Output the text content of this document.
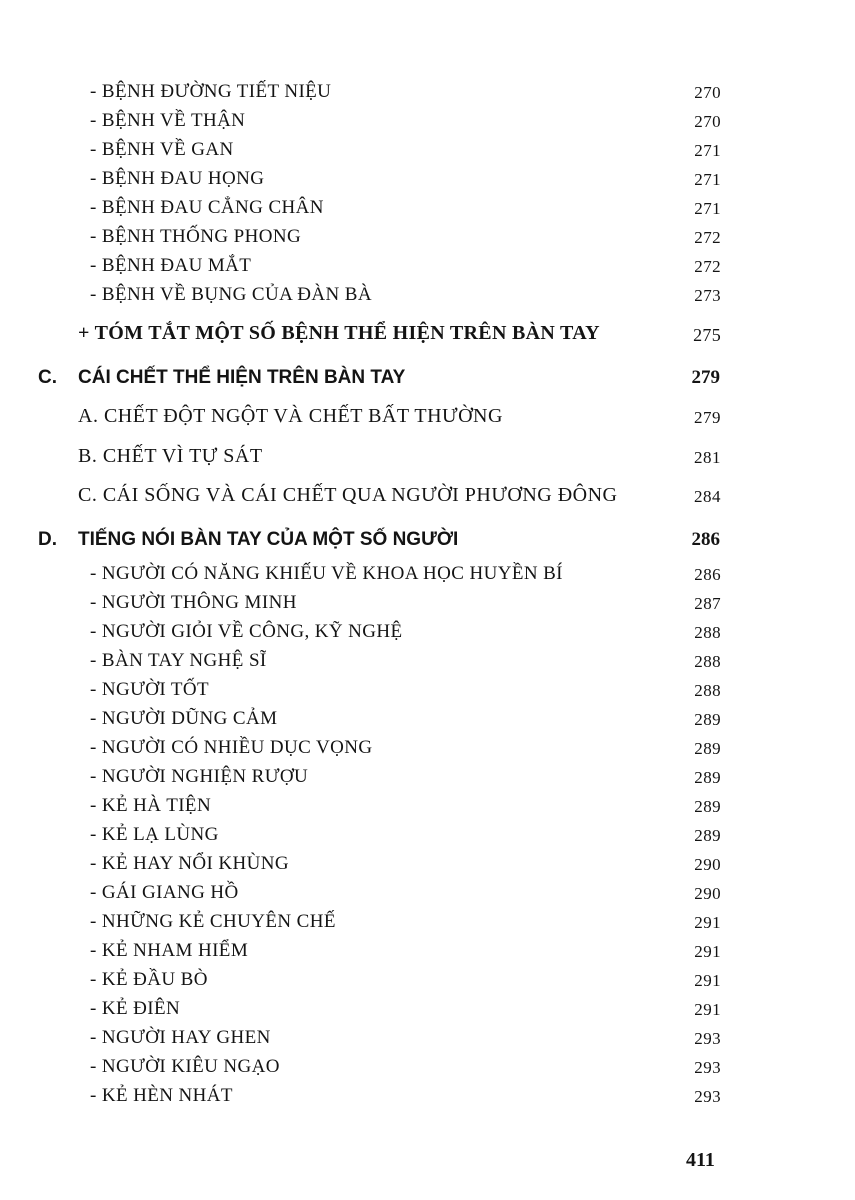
- BỆNH ĐƯỜNG TIẾT NIỆU	270
- BỆNH VỀ THẬN	270
- BỆNH VỀ GAN	271
- BỆNH ĐAU HỌNG	271
- BỆNH ĐAU CẲNG CHÂN	271
- BỆNH THỐNG PHONG	272
- BỆNH ĐAU MẮT	272
- BỆNH VỀ BỤNG CỦA ĐÀN BÀ	273
+ TÓM TẮT MỘT SỐ BỆNH THỂ HIỆN TRÊN BÀN TAY	275
C. CÁI CHẾT THỂ HIỆN TRÊN BÀN TAY	279
A. CHẾT ĐỘT NGỘT VÀ CHẾT BẤT THƯỜNG	279
B. CHẾT VÌ TỰ SÁT	281
C. CÁI SỐNG VÀ CÁI CHẾT QUA NGƯỜI PHƯƠNG ĐÔNG	284
D. TIẾNG NÓI BÀN TAY CỦA MỘT SỐ NGƯỜI	286
- NGƯỜI CÓ NĂNG KHIẾU VỀ KHOA HỌC HUYỀN BÍ	286
- NGƯỜI THÔNG MINH	287
- NGƯỜI GIỎI VỀ CÔNG, KỸ NGHỆ	288
- BÀN TAY NGHỆ SĨ	288
- NGƯỜI TỐT	288
- NGƯỜI DŨNG CẢM	289
- NGƯỜI CÓ NHIỀU DỤC VỌNG	289
- NGƯỜI NGHIỆN RƯỢU	289
- KẺ HÀ TIỆN	289
- KẺ LẠ LÙNG	289
- KẺ HAY NỔI KHÙNG	290
- GÁI GIANG HỒ	290
- NHỮNG KẺ CHUYÊN CHẾ	291
- KẺ NHAM HIỂM	291
- KẺ ĐẦU BÒ	291
- KẺ ĐIÊN	291
- NGƯỜI HAY GHEN	293
- NGƯỜI KIÊU NGẠO	293
- KẺ HÈN NHÁT	293
411
